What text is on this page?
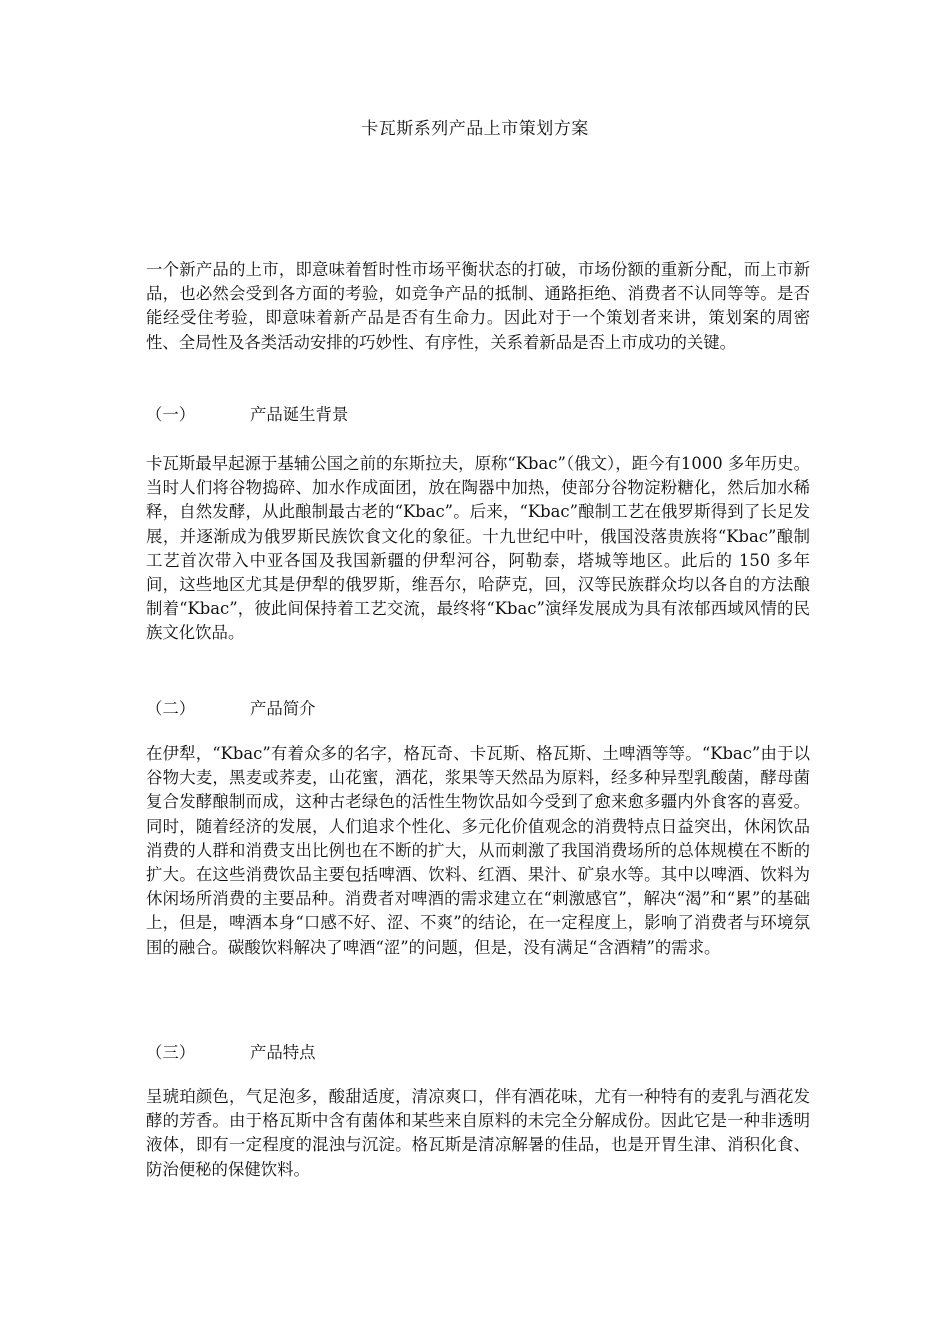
卡瓦斯系列产品上市策划方案

一个新产品的上市，即意味着暂时性市场平衡状态的打破，市场份额的重新分配，而上市新品，也必然会受到各方面的考验，如竞争产品的抵制、通路拒绝、消费者不认同等等。是否能经受住考验，即意味着新产品是否有生命力。因此对于一个策划者来讲，策划案的周密性、全局性及各类活动安排的巧妙性、有序性，关系着新品是否上市成功的关键。

（一）	产品诞生背景

卡瓦斯最早起源于基辅公国之前的东斯拉夫，原称“Kbac”（俄文），距今有1000 多年历史。当时人们将谷物捣碎、加水作成面团，放在陶器中加热，使部分谷物淀粉糖化，然后加水稀释，自然发酵，从此酿制最古老的“Kbac”。后来，“Kbac”酿制工艺在俄罗斯得到了长足发展，并逐渐成为俄罗斯民族饮食文化的象征。十九世纪中叶，俄国没落贵族将“Kbac”酿制工艺首次带入中亚各国及我国新疆的伊犁河谷，阿勒泰，塔城等地区。此后的 150 多年间，这些地区尤其是伊犁的俄罗斯，维吾尔，哈萨克，回，汉等民族群众均以各自的方法酿制着“Kbac”，彼此间保持着工艺交流，最终将“Kbac”演绎发展成为具有浓郁西域风情的民族文化饮品。

（二）	产品简介

在伊犁，“Kbac”有着众多的名字，格瓦奇、卡瓦斯、格瓦斯、土啤酒等等。“Kbac”由于以谷物大麦，黑麦或荞麦，山花蜜，酒花，浆果等天然品为原料，经多种异型乳酸菌，酵母菌复合发酵酿制而成，这种古老绿色的活性生物饮品如今受到了愈来愈多疆内外食客的喜爱。同时，随着经济的发展，人们追求个性化、多元化价值观念的消费特点日益突出，休闲饮品消费的人群和消费支出比例也在不断的扩大，从而刺激了我国消费场所的总体规模在不断的扩大。在这些消费饮品主要包括啤酒、饮料、红酒、果汁、矿泉水等。其中以啤酒、饮料为休闲场所消费的主要品种。消费者对啤酒的需求建立在“刺激感官”，解决“渴”和“累”的基础上，但是，啤酒本身“口感不好、涩、不爽”的结论，在一定程度上，影响了消费者与环境氛围的融合。碳酸饮料解决了啤酒“涩”的问题，但是，没有满足“含酒精”的需求。

（三）	产品特点

呈琥珀颜色，气足泡多，酸甜适度，清凉爽口，伴有酒花味，尤有一种特有的麦乳与酒花发酵的芳香。由于格瓦斯中含有菌体和某些来自原料的未完全分解成份。因此它是一种非透明液体，即有一定程度的混浊与沉淀。格瓦斯是清凉解暑的佳品，也是开胃生津、消积化食、防治便秘的保健饮料。
